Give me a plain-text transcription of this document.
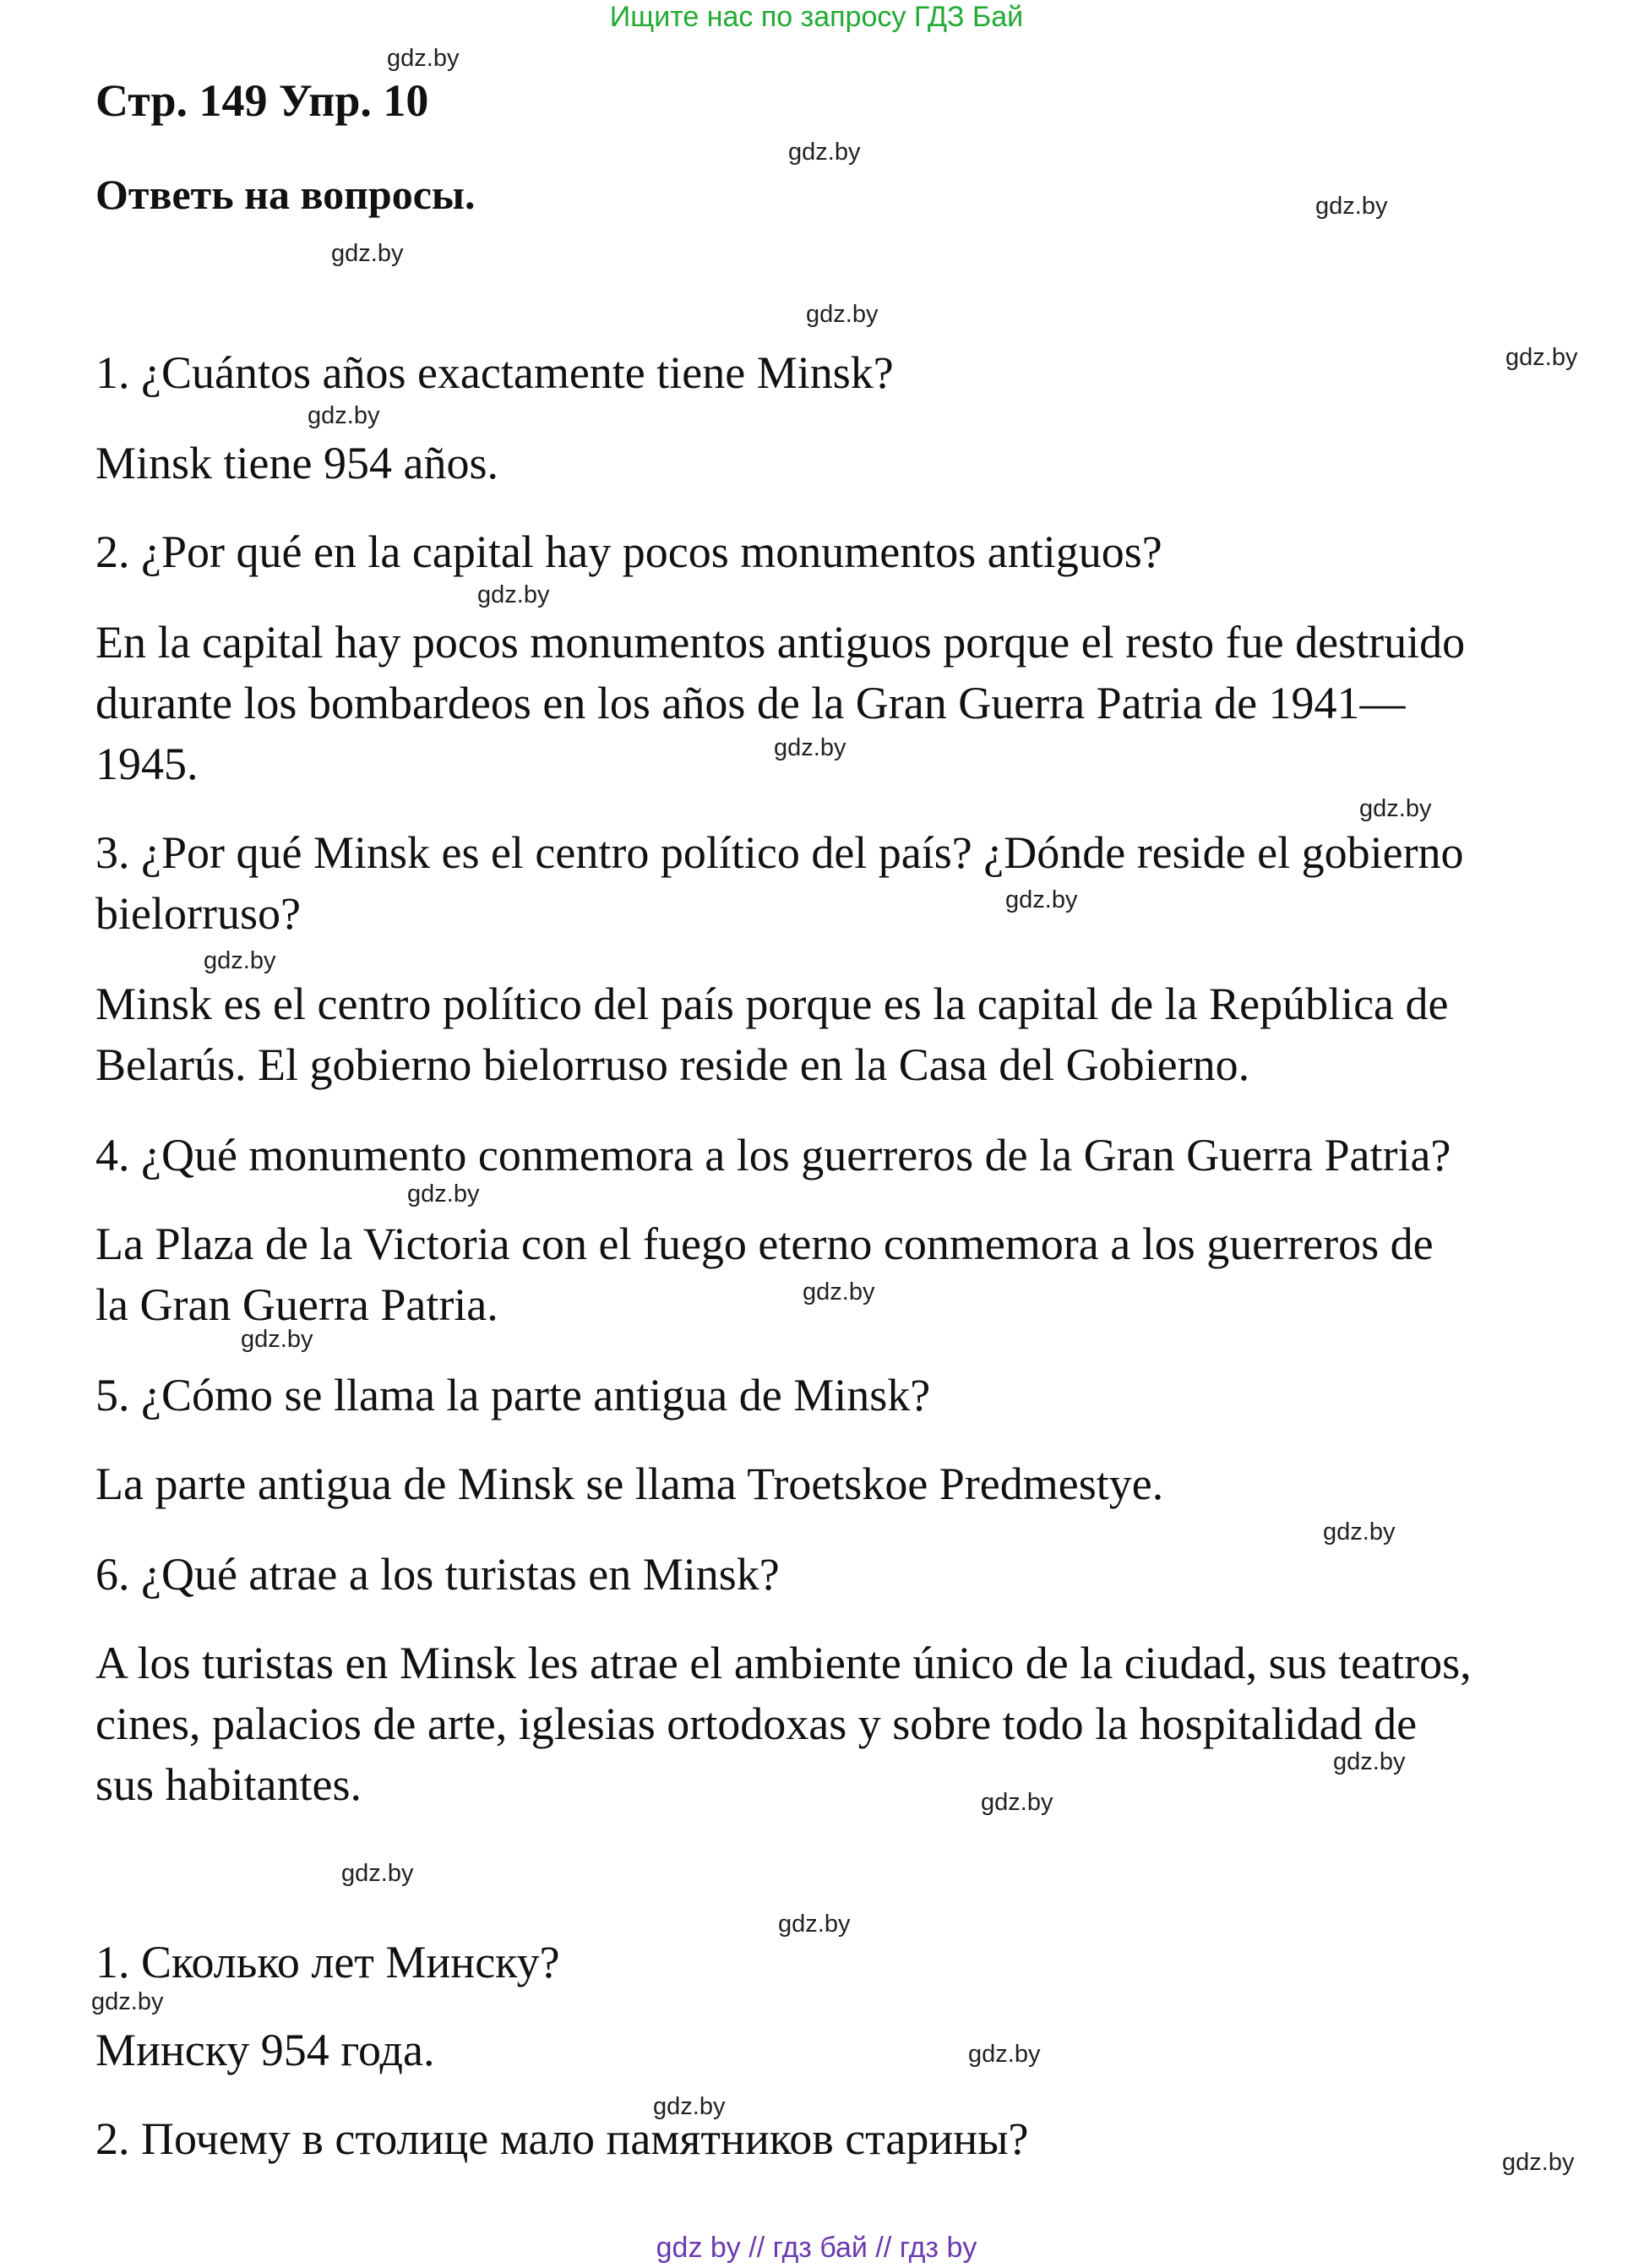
Ищите нас по запросу ГДЗ Бай
Стр. 149 Упр. 10
Ответь на вопросы.
1. ¿Cuántos años exactamente tiene Minsk?
Minsk tiene 954 años.
2. ¿Por qué en la capital hay pocos monumentos antiguos?
En la capital hay pocos monumentos antiguos porque el resto fue destruido
durante los bombardeos en los años de la Gran Guerra Patria de 1941—
1945.
3. ¿Por qué Minsk es el centro político del país? ¿Dónde reside el gobierno
bielorruso?
Minsk es el centro político del país porque es la capital de la República de
Belarús. El gobierno bielorruso reside en la Casa del Gobierno.
4. ¿Qué monumento conmemora a los guerreros de la Gran Guerra Patria?
La Plaza de la Victoria con el fuego eterno conmemora a los guerreros de
la Gran Guerra Patria.
5. ¿Cómo se llama la parte antigua de Minsk?
La parte antigua de Minsk se llama Troetskoe Predmestye.
6. ¿Qué atrae a los turistas en Minsk?
A los turistas en Minsk les atrae el ambiente único de la ciudad, sus teatros,
cines, palacios de arte, iglesias ortodoxas y sobre todo la hospitalidad de
sus habitantes.
1. Сколько лет Минску?
Минску 954 года.
2. Почему в столице мало памятников старины?
gdz.by
gdz.by
gdz.by
gdz.by
gdz.by
gdz.by
gdz.by
gdz.by
gdz.by
gdz.by
gdz.by
gdz.by
gdz.by
gdz.by
gdz.by
gdz.by
gdz.by
gdz.by
gdz.by
gdz.by
gdz.by
gdz.by
gdz.by
gdz.by
gdz by // гдз бай // гдз by
